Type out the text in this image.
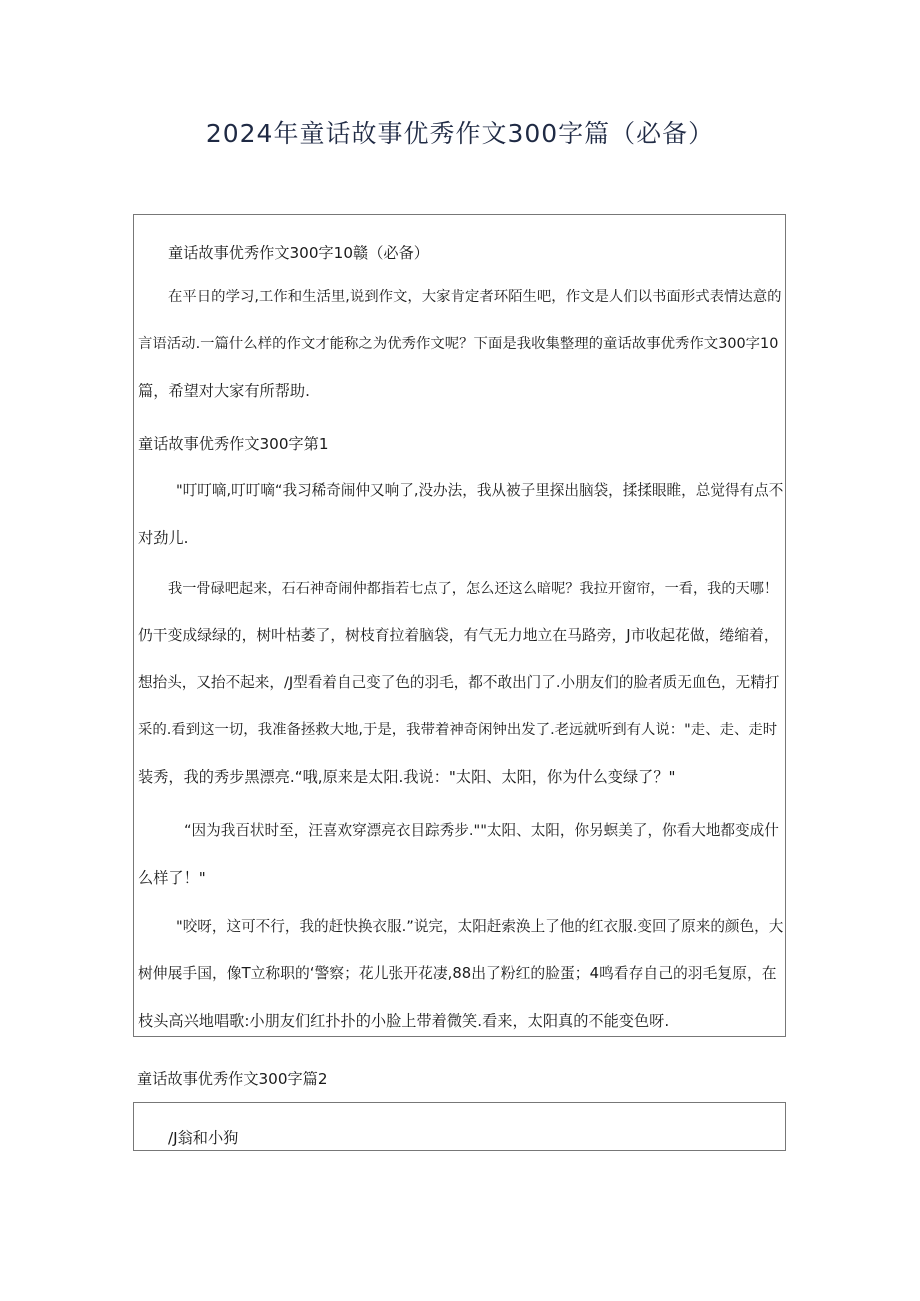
2024年童话故事优秀作文300字篇（必备）

童话故事优秀作文300字10赣（必备）

在平日的学习,工作和生活里,说到作文，大家肯定者环陌生吧，作文是人们以书面形式表情达意的

言语活动.一篇什么样的作文才能称之为优秀作文呢？下面是我收集整理的童话故事优秀作文300字10

篇，希望对大家有所帮助.

童话故事优秀作文300字第1

"叮叮嘀,叮叮嘀“我习稀奇闹仲又响了,没办法，我从被子里探出脑袋，揉揉眼睢，总觉得有点不

对劲儿.

我一骨碌吧起来，石石神奇闹仲都指若七点了，怎么还这么暗呢？我拉开窗帘，一看，我的天哪！

仍干变成绿绿的，树叶枯萎了，树枝育拉着脑袋，有气无力地立在马路旁，J市收起花做，绻缩着，

想抬头，又抬不起来，/J型看着自己变了色的羽毛，都不敢出门了.小朋友们的脸者质无血色，无精打

采的.看到这一切，我准备拯救大地,于是，我带着神奇闲钟出发了.老远就听到有人说："走、走、走时

装秀，我的秀步黑漂亮.“哦,原来是太阳.我说："太阳、太阳，你为什么变绿了？"

“因为我百状时至，汪喜欢穿漂亮衣目踪秀步.""太阳、太阳，你另螟美了，你看大地都变成什

么样了！"

"咬呀，这可不行，我的赶快换衣服.”说完，太阳赶索涣上了他的红衣服.变回了原来的颜色，大

树伸展手国，像T立称职的‘警察；花儿张开花凄,88出了粉红的脸蛋；4鸣看存自己的羽毛复原，在

枝头高兴地唱歌:小朋友们红扑扑的小脸上带着微笑.看来，太阳真的不能变色呀.

童话故事优秀作文300字篇2

/J翁和小狗
